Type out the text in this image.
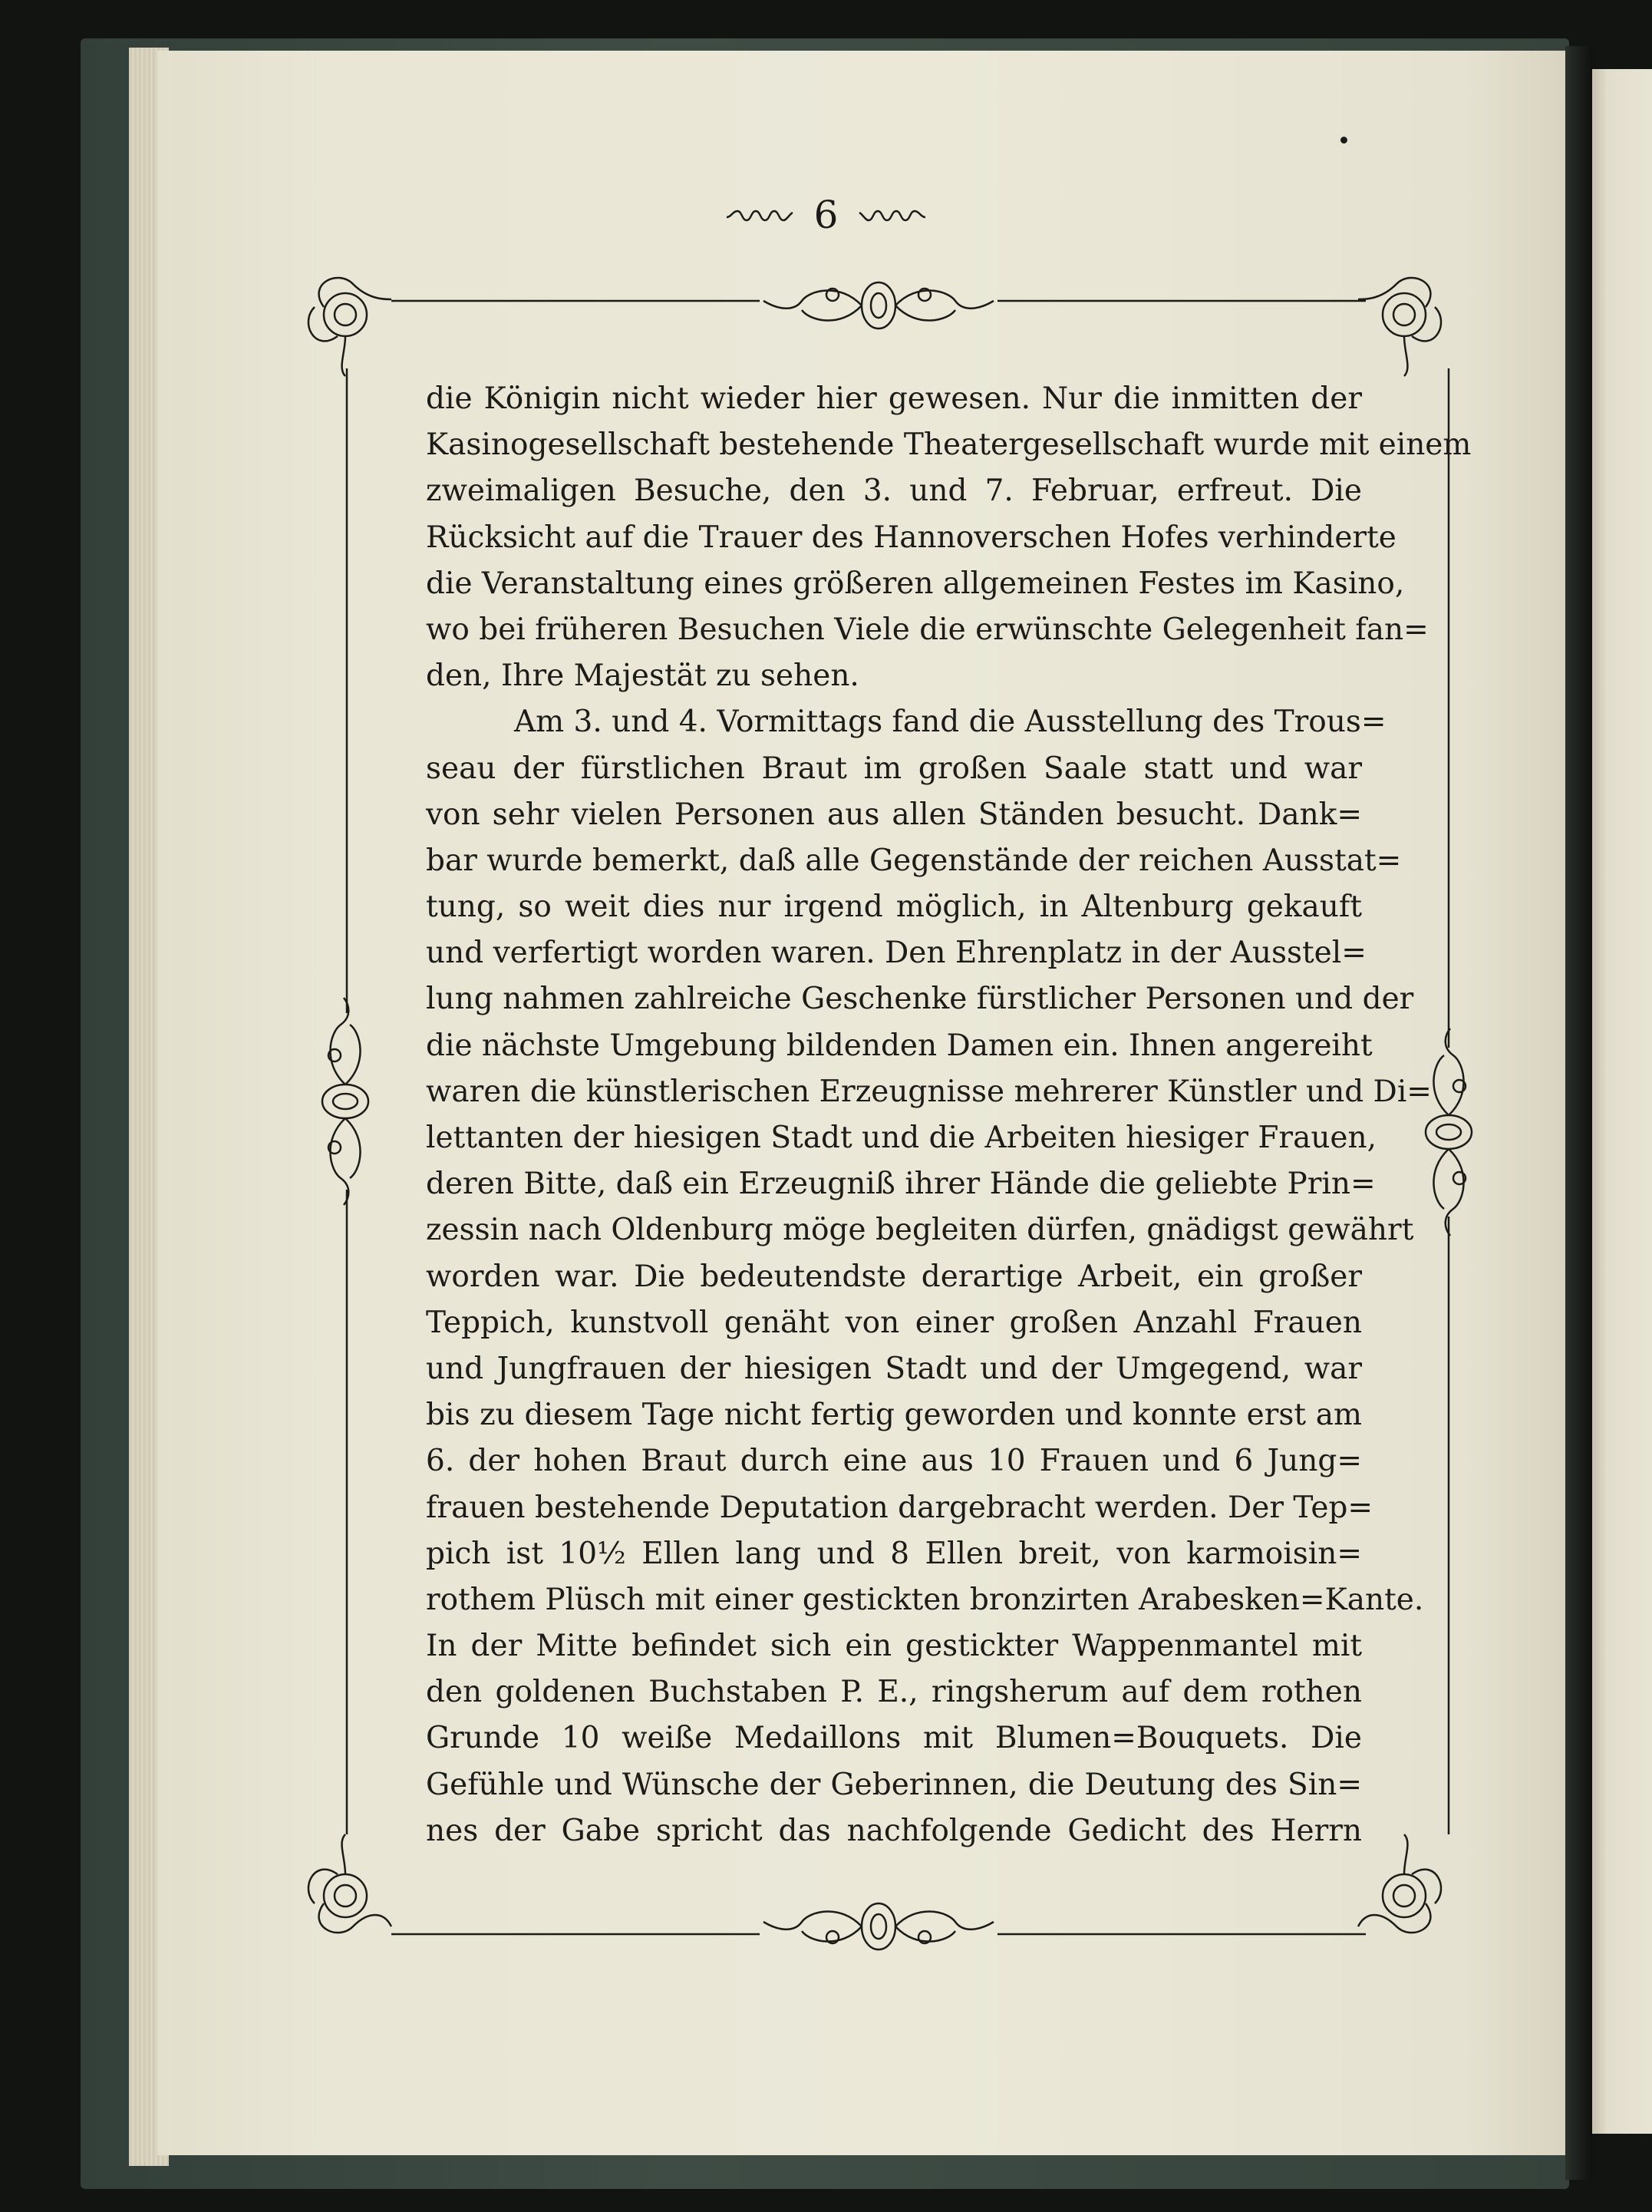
6
die Königin nicht wieder hier gewesen. Nur die inmitten der
Kasinogesellschaft bestehende Theatergesellschaft wurde mit einem
zweimaligen Besuche, den 3. und 7. Februar, erfreut. Die
Rücksicht auf die Trauer des Hannoverschen Hofes verhinderte
die Veranstaltung eines größeren allgemeinen Festes im Kasino,
wo bei früheren Besuchen Viele die erwünschte Gelegenheit fan=
den, Ihre Majestät zu sehen.
Am 3. und 4. Vormittags fand die Ausstellung des Trous=
seau der fürstlichen Braut im großen Saale statt und war
von sehr vielen Personen aus allen Ständen besucht. Dank=
bar wurde bemerkt, daß alle Gegenstände der reichen Ausstat=
tung, so weit dies nur irgend möglich, in Altenburg gekauft
und verfertigt worden waren. Den Ehrenplatz in der Ausstel=
lung nahmen zahlreiche Geschenke fürstlicher Personen und der
die nächste Umgebung bildenden Damen ein. Ihnen angereiht
waren die künstlerischen Erzeugnisse mehrerer Künstler und Di=
lettanten der hiesigen Stadt und die Arbeiten hiesiger Frauen,
deren Bitte, daß ein Erzeugniß ihrer Hände die geliebte Prin=
zessin nach Oldenburg möge begleiten dürfen, gnädigst gewährt
worden war. Die bedeutendste derartige Arbeit, ein großer
Teppich, kunstvoll genäht von einer großen Anzahl Frauen
und Jungfrauen der hiesigen Stadt und der Umgegend, war
bis zu diesem Tage nicht fertig geworden und konnte erst am
6. der hohen Braut durch eine aus 10 Frauen und 6 Jung=
frauen bestehende Deputation dargebracht werden. Der Tep=
pich ist 10½ Ellen lang und 8 Ellen breit, von karmoisin=
rothem Plüsch mit einer gestickten bronzirten Arabesken=Kante.
In der Mitte befindet sich ein gestickter Wappenmantel mit
den goldenen Buchstaben P. E., ringsherum auf dem rothen
Grunde 10 weiße Medaillons mit Blumen=Bouquets. Die
Gefühle und Wünsche der Geberinnen, die Deutung des Sin=
nes der Gabe spricht das nachfolgende Gedicht des Herrn
